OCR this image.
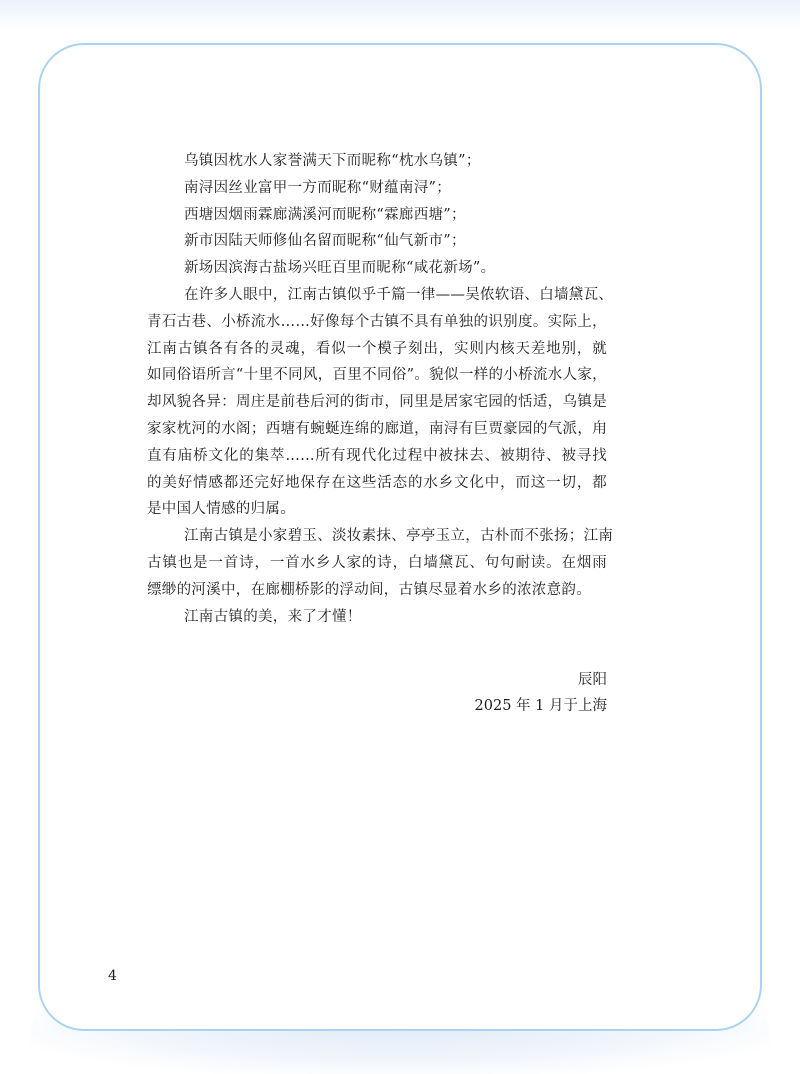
乌镇因枕水人家誉满天下而昵称“枕水乌镇”；
南浔因丝业富甲一方而昵称“财蕴南浔”；
西塘因烟雨霖廊满溪河而昵称“霖廊西塘”；
新市因陆天师修仙名留而昵称“仙气新市”；
新场因滨海古盐场兴旺百里而昵称“咸花新场”。
在许多人眼中，江南古镇似乎千篇一律——吴侬软语、白墙黛瓦、
青石古巷、小桥流水……好像每个古镇不具有单独的识别度。实际上，
江南古镇各有各的灵魂，看似一个模子刻出，实则内核天差地别，就
如同俗语所言“十里不同风，百里不同俗”。貌似一样的小桥流水人家，
却风貌各异：周庄是前巷后河的街市，同里是居家宅园的恬适，乌镇是
家家枕河的水阁；西塘有蜿蜒连绵的廊道，南浔有巨贾豪园的气派，甪
直有庙桥文化的集萃……所有现代化过程中被抹去、被期待、被寻找
的美好情感都还完好地保存在这些活态的水乡文化中，而这一切，都
是中国人情感的归属。
江南古镇是小家碧玉、淡妆素抹、亭亭玉立，古朴而不张扬；江南
古镇也是一首诗，一首水乡人家的诗，白墙黛瓦、句句耐读。在烟雨
缥缈的河溪中，在廊棚桥影的浮动间，古镇尽显着水乡的浓浓意韵。
江南古镇的美，来了才懂！
辰阳
2025 年 1 月于上海
4
